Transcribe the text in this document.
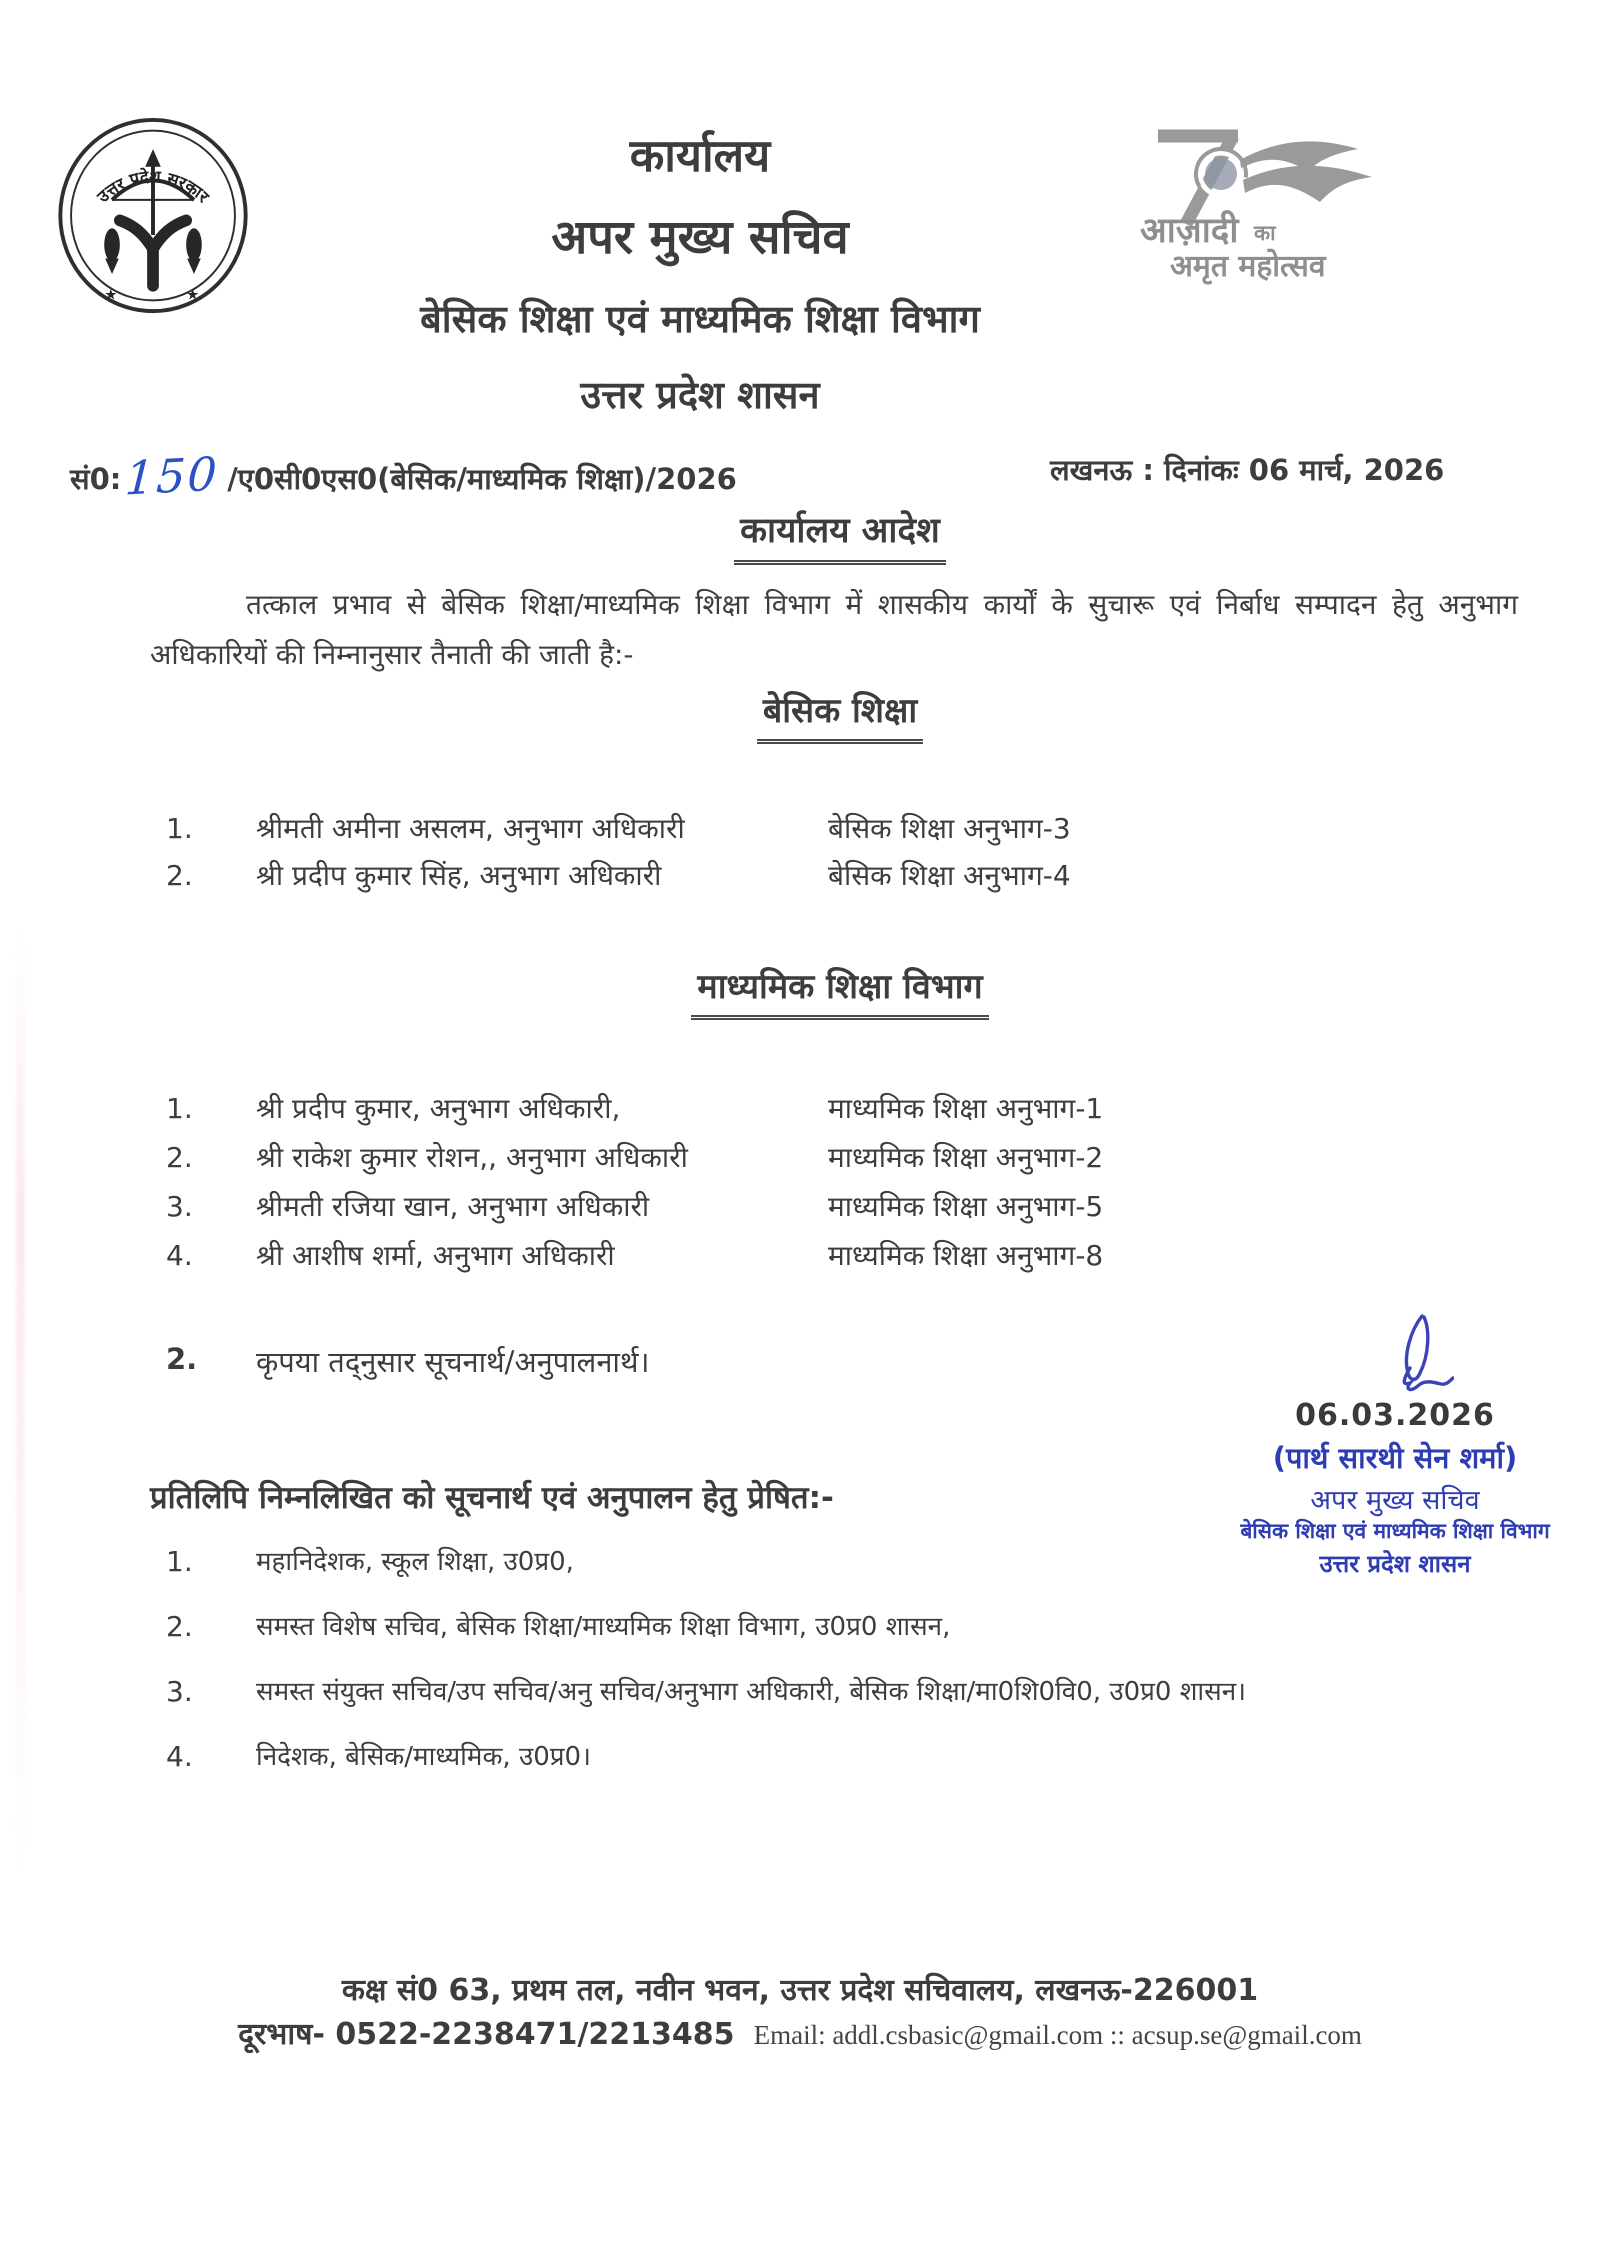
उत्तर प्रदेश सरकार
★	★
आज़ादी का
अमृत महोत्सव
कार्यालय
अपर मुख्य सचिव
बेसिक शिक्षा एवं माध्यमिक शिक्षा विभाग
उत्तर प्रदेश शासन
सं0:150 /ए0सी0एस0(बेसिक/माध्यमिक शिक्षा)/2026	लखनऊ : दिनांकः 06 मार्च, 2026
कार्यालय आदेश
तत्काल प्रभाव से बेसिक शिक्षा/माध्यमिक शिक्षा विभाग में शासकीय कार्यों के सुचारू एवं निर्बाध सम्पादन हेतु अनुभाग अधिकारियों की निम्नानुसार तैनाती की जाती है:-
बेसिक शिक्षा
1.	श्रीमती अमीना असलम, अनुभाग अधिकारी	बेसिक शिक्षा अनुभाग-3
2.	श्री प्रदीप कुमार सिंह, अनुभाग अधिकारी	बेसिक शिक्षा अनुभाग-4
माध्यमिक शिक्षा विभाग
1.	श्री प्रदीप कुमार, अनुभाग अधिकारी,	माध्यमिक शिक्षा अनुभाग-1
2.	श्री राकेश कुमार रोशन,, अनुभाग अधिकारी	माध्यमिक शिक्षा अनुभाग-2
3.	श्रीमती रजिया खान, अनुभाग अधिकारी	माध्यमिक शिक्षा अनुभाग-5
4.	श्री आशीष शर्मा, अनुभाग अधिकारी	माध्यमिक शिक्षा अनुभाग-8
2.	कृपया तद्नुसार सूचनार्थ/अनुपालनार्थ।
06.03.2026
(पार्थ सारथी सेन शर्मा)
अपर मुख्य सचिव
बेसिक शिक्षा एवं माध्यमिक शिक्षा विभाग
उत्तर प्रदेश शासन
प्रतिलिपि निम्नलिखित को सूचनार्थ एवं अनुपालन हेतु प्रेषित:-
1.	महानिदेशक, स्कूल शिक्षा, उ0प्र0,
2.	समस्त विशेष सचिव, बेसिक शिक्षा/माध्यमिक शिक्षा विभाग, उ0प्र0 शासन,
3.	समस्त संयुक्त सचिव/उप सचिव/अनु सचिव/अनुभाग अधिकारी, बेसिक शिक्षा/मा0शि0वि0, उ0प्र0 शासन।
4.	निदेशक, बेसिक/माध्यमिक, उ0प्र0।
कक्ष सं0 63, प्रथम तल, नवीन भवन, उत्तर प्रदेश सचिवालय, लखनऊ-226001
दूरभाष- 0522-2238471/2213485 Email: addl.csbasic@gmail.com :: acsup.se@gmail.com
